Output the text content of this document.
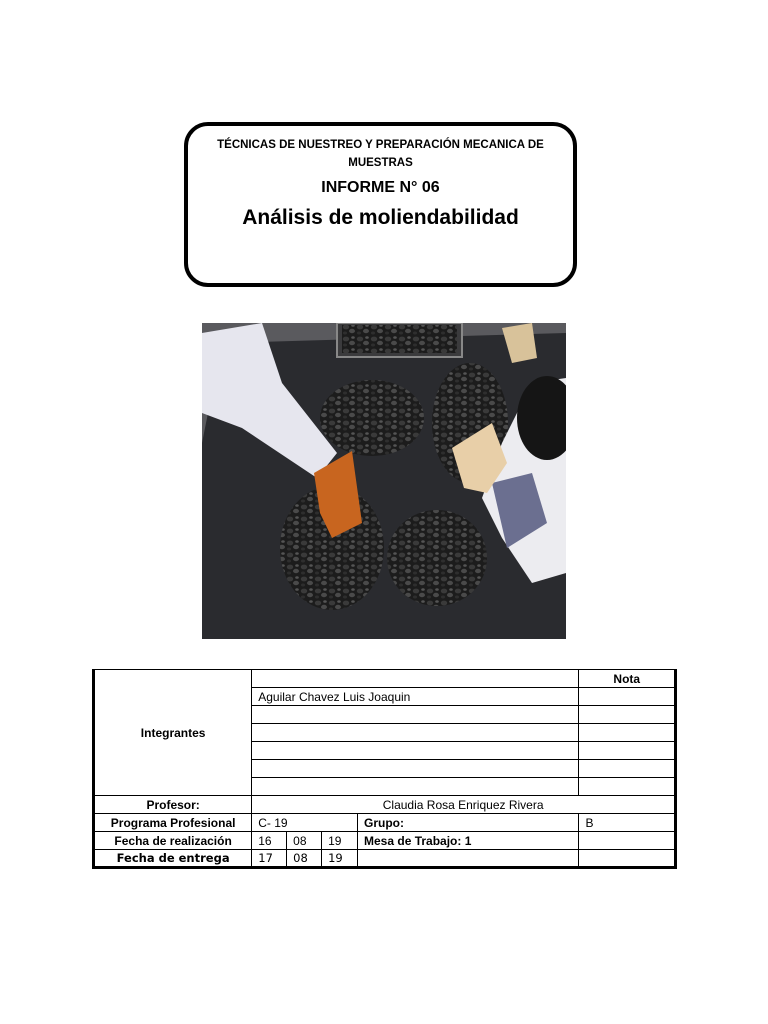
TÉCNICAS DE NUESTREO Y PREPARACIÓN MECANICA DE MUESTRAS
INFORME N° 06
Análisis de moliendabilidad
Integrantes					Nota
	Aguilar Chavez Luis Joaquin				

Profesor:	Claudia Rosa Enriquez Rivera				
Programa Profesional	C- 19			Grupo:	B
Fecha de realización	16	08	19	Mesa de Trabajo: 1	
Fecha de entrega	17	08	19		
